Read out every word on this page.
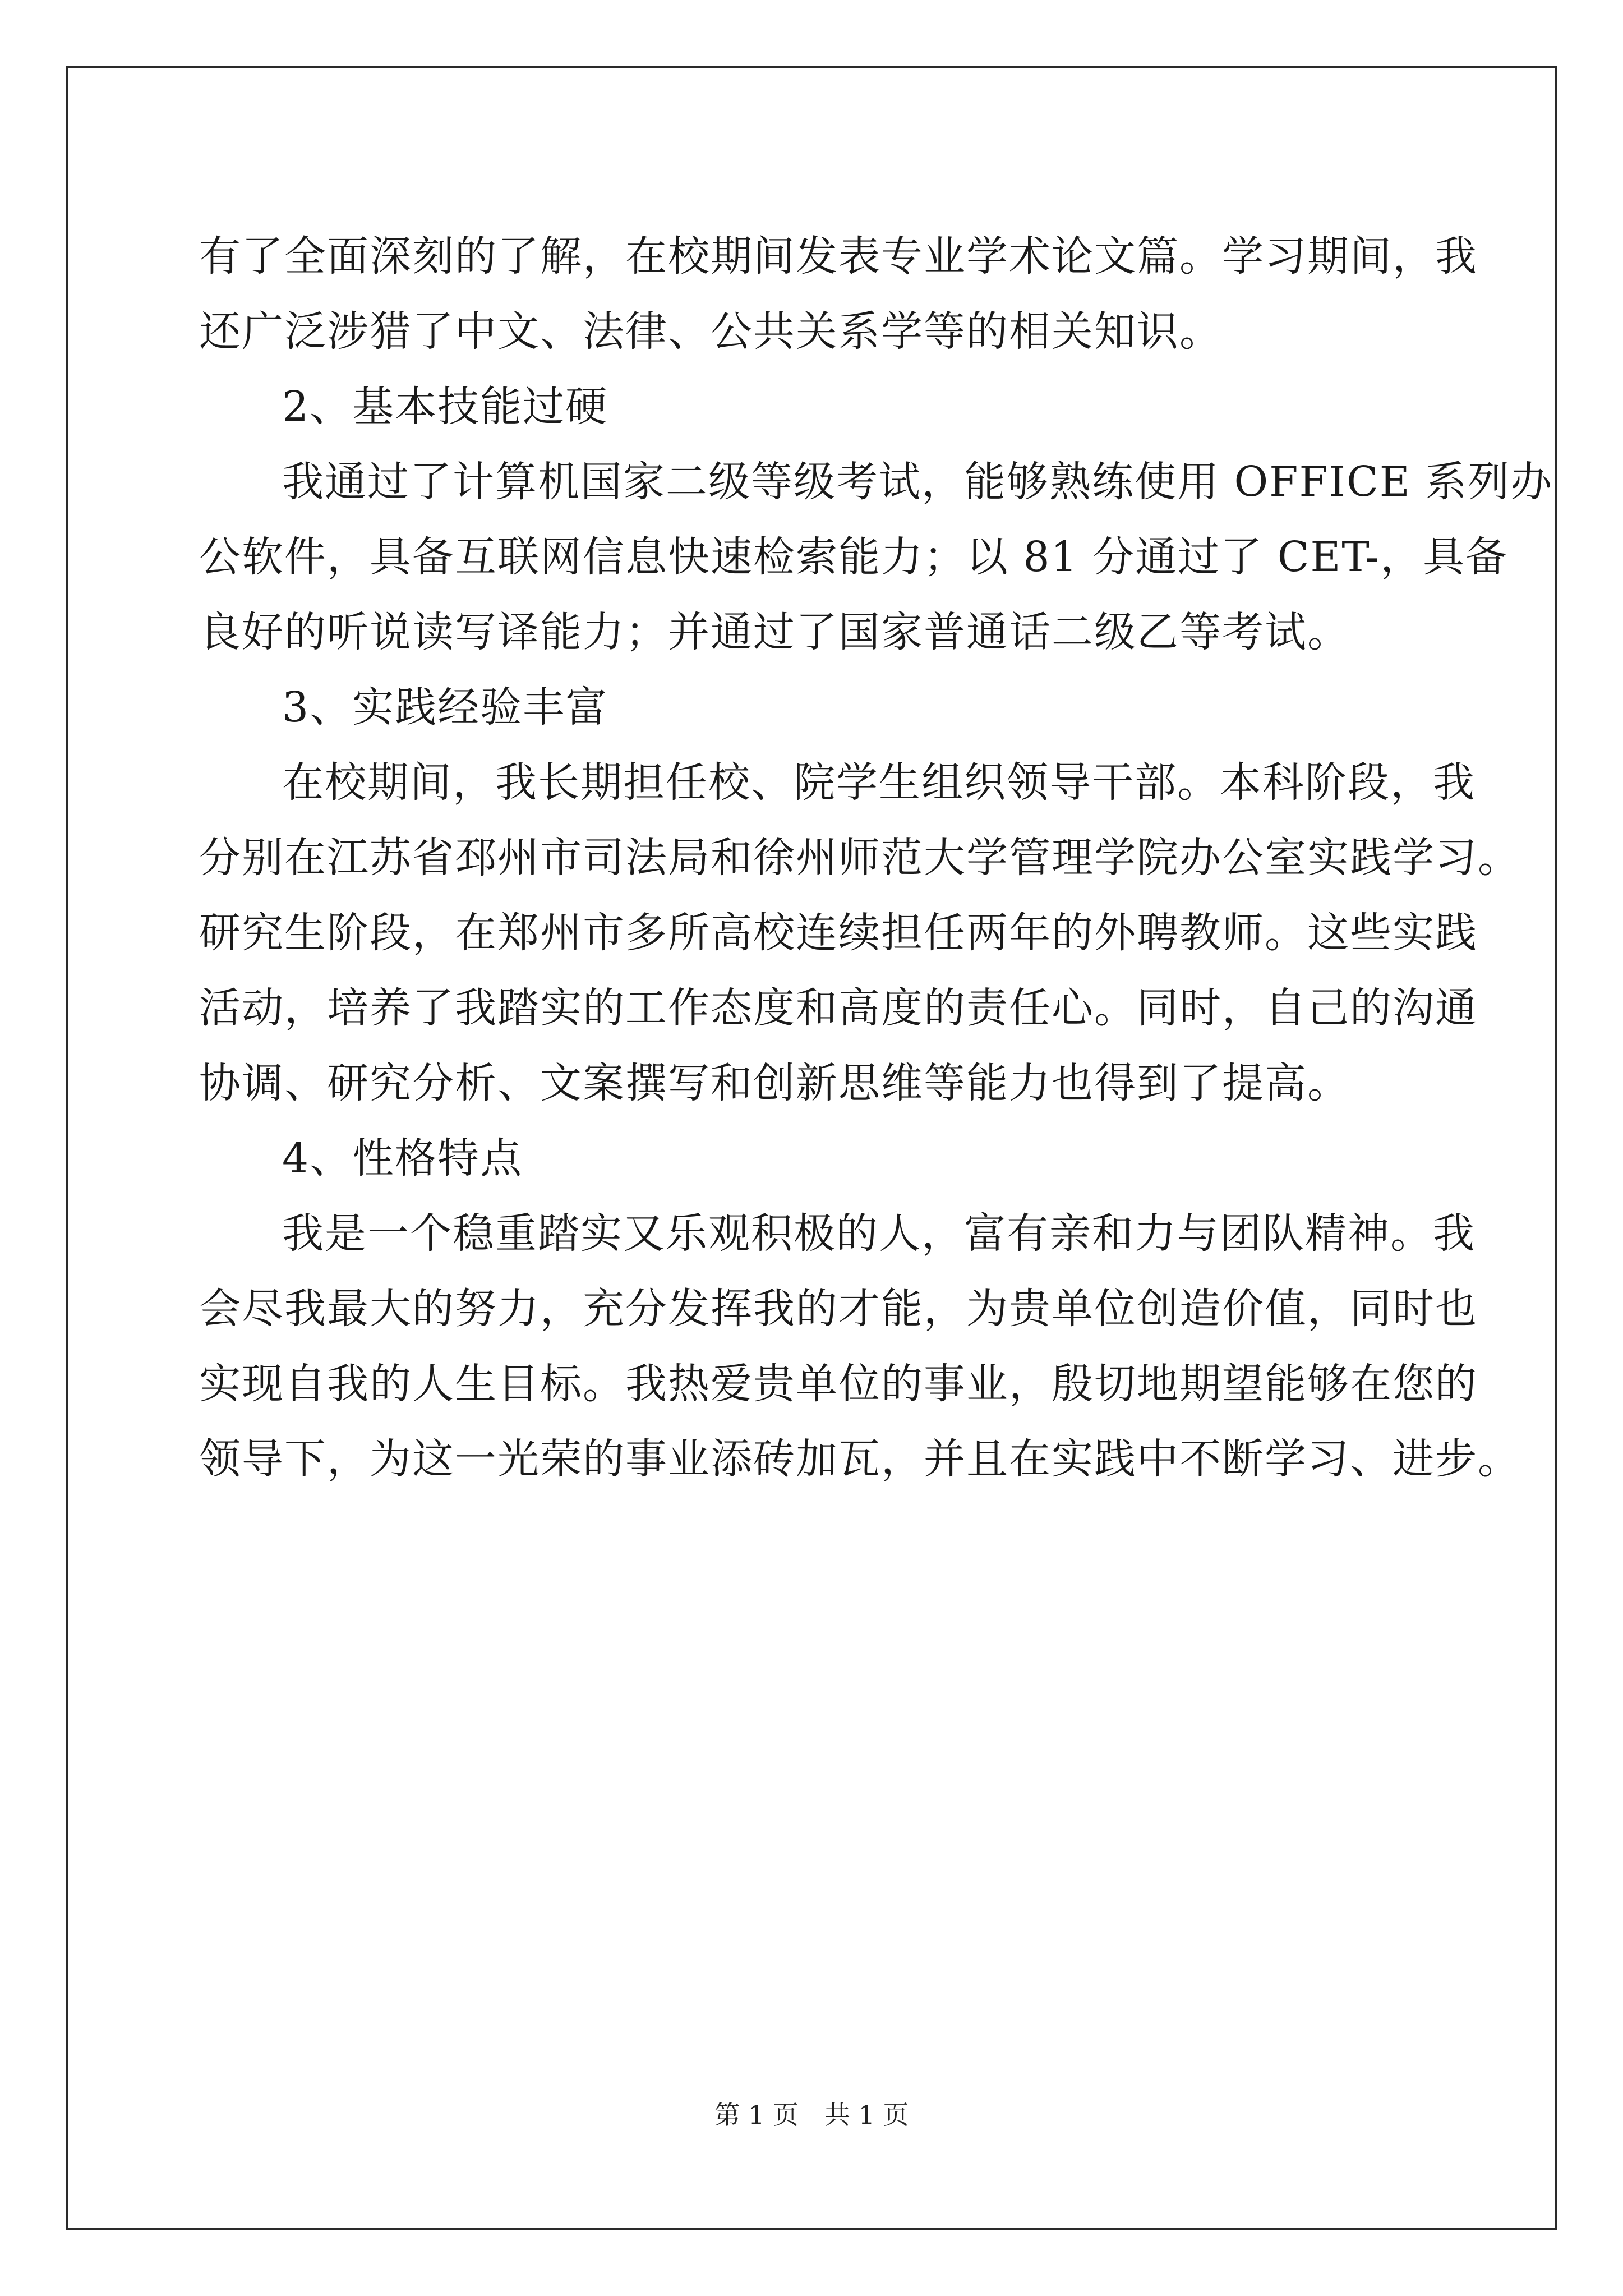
有了全面深刻的了解，在校期间发表专业学术论文篇。学习期间，我
还广泛涉猎了中文、法律、公共关系学等的相关知识。
2、基本技能过硬
我通过了计算机国家二级等级考试，能够熟练使用 OFFICE 系列办
公软件，具备互联网信息快速检索能力；以 81 分通过了 CET-，具备
良好的听说读写译能力；并通过了国家普通话二级乙等考试。
3、实践经验丰富
在校期间，我长期担任校、院学生组织领导干部。本科阶段，我
分别在江苏省邳州市司法局和徐州师范大学管理学院办公室实践学习。
研究生阶段，在郑州市多所高校连续担任两年的外聘教师。这些实践
活动，培养了我踏实的工作态度和高度的责任心。同时，自己的沟通
协调、研究分析、文案撰写和创新思维等能力也得到了提高。
4、性格特点
我是一个稳重踏实又乐观积极的人，富有亲和力与团队精神。我
会尽我最大的努力，充分发挥我的才能，为贵单位创造价值，同时也
实现自我的人生目标。我热爱贵单位的事业，殷切地期望能够在您的
领导下，为这一光荣的事业添砖加瓦，并且在实践中不断学习、进步。
第 1 页 共 1 页
